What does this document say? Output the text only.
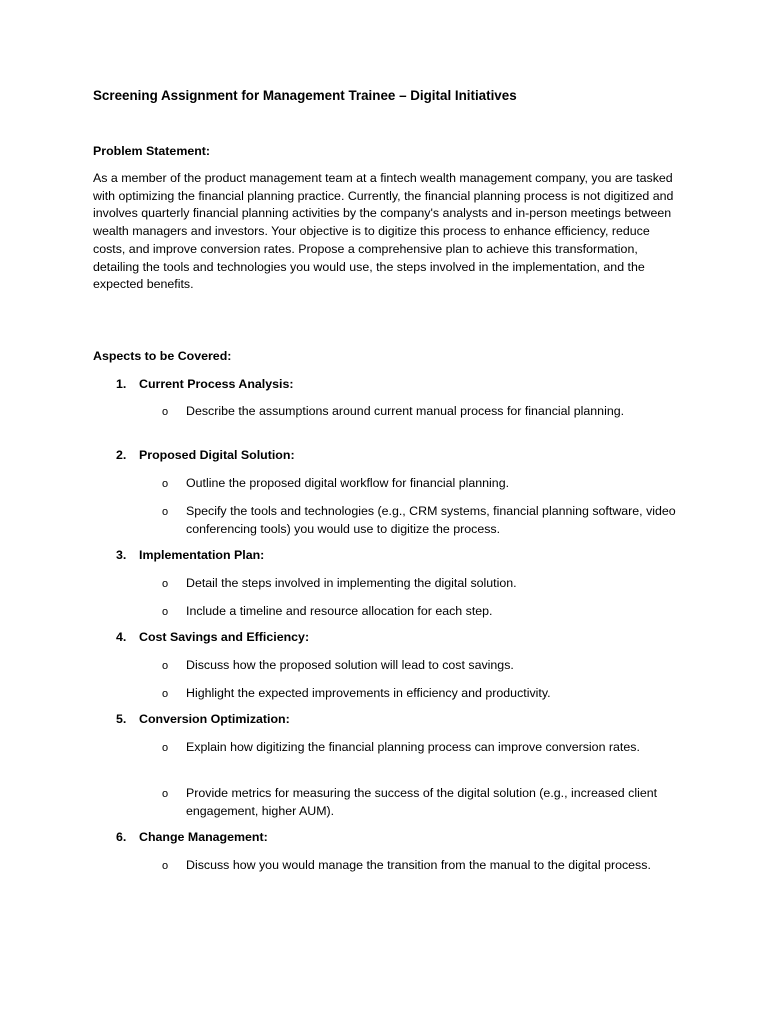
Screening Assignment for Management Trainee – Digital Initiatives
Problem Statement:
As a member of the product management team at a fintech wealth management company, you are tasked with optimizing the financial planning practice. Currently, the financial planning process is not digitized and involves quarterly financial planning activities by the company's analysts and in-person meetings between wealth managers and investors. Your objective is to digitize this process to enhance efficiency, reduce costs, and improve conversion rates. Propose a comprehensive plan to achieve this transformation, detailing the tools and technologies you would use, the steps involved in the implementation, and the expected benefits.
Aspects to be Covered:
1. Current Process Analysis:
o Describe the assumptions around current manual process for financial planning.
2. Proposed Digital Solution:
o Outline the proposed digital workflow for financial planning.
o Specify the tools and technologies (e.g., CRM systems, financial planning software, video conferencing tools) you would use to digitize the process.
3. Implementation Plan:
o Detail the steps involved in implementing the digital solution.
o Include a timeline and resource allocation for each step.
4. Cost Savings and Efficiency:
o Discuss how the proposed solution will lead to cost savings.
o Highlight the expected improvements in efficiency and productivity.
5. Conversion Optimization:
o Explain how digitizing the financial planning process can improve conversion rates.
o Provide metrics for measuring the success of the digital solution (e.g., increased client engagement, higher AUM).
6. Change Management:
o Discuss how you would manage the transition from the manual to the digital process.
